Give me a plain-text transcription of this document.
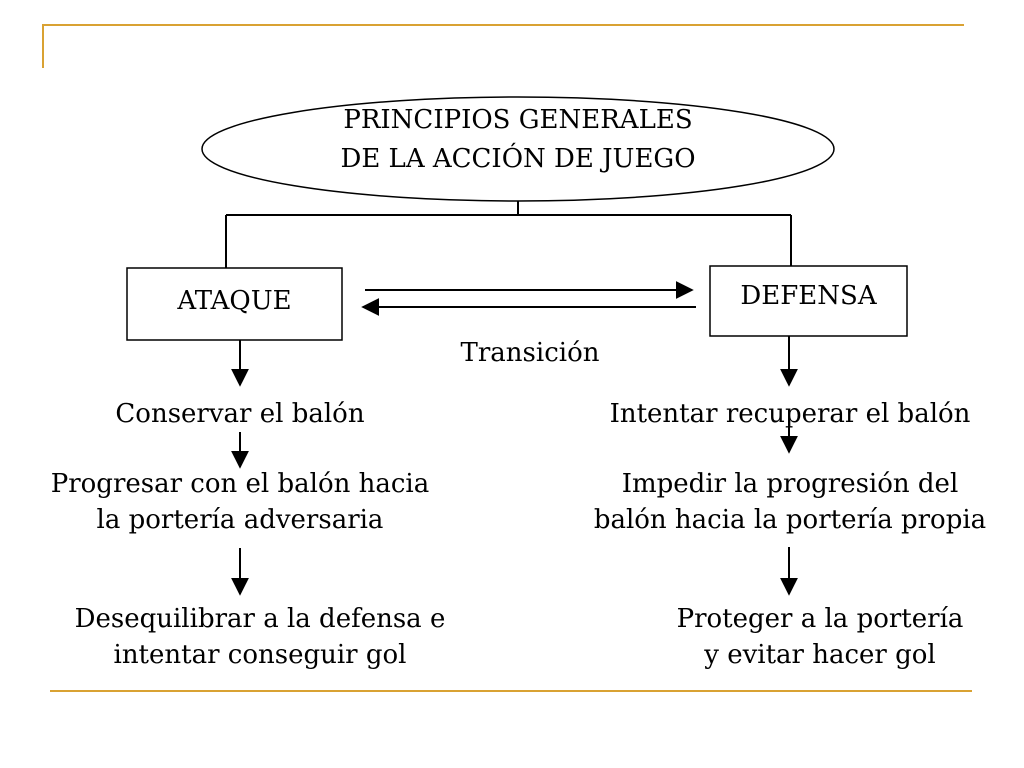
PRINCIPIOS GENERALES
DE LA ACCIÓN DE JUEGO
ATAQUE	DEFENSA
Transición
Conservar el balón
Progresar con el balón hacia
la portería adversaria
Desequilibrar a la defensa e
intentar conseguir gol
Intentar recuperar el balón
Impedir la progresión del
balón hacia la portería propia
Proteger a la portería
y evitar hacer gol
